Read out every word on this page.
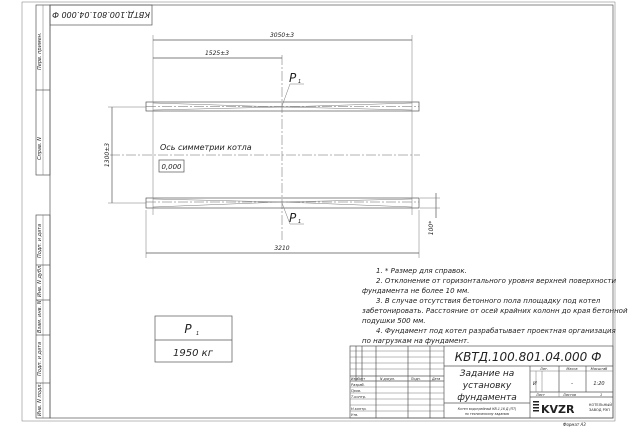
КВТД.100.801.04.000 Ф
Перв. примен.
Справ. N
Подп. и дата
Инв. N дубл.
Взам. инв. N
Подп. и дата
Инв. N подл.
3050±3
1525±3
1300±3
3210
100*
P 1
P 1
Ось симметрии котла
0,000
P 1
1950 кг	КВТД.100.801.04.000 Ф
Задание на
установку
фундамента
Изм Лист	N докум.	Подп.	Дата
Разраб.
Пров.
Т.контр.
Н.контр.
Утв.
Лит.	Масса	Масштаб
И	-	1:20
Лист	Листов	1
Котел водогрейный КВ-1,16 Д (ПТ)
по техническому заданию	KVZR	КОТЕЛЬНЫЙ
ЗАВОД РЭП
Формат А3
1. * Размер для справок.
2. Отклонение от горизонтального уровня верхней поверхности
фундамента не более 10 мм.
3. В случае отсутствия бетонного пола площадку под котел
забетонировать. Расстояние от осей крайних колонн до края бетонной
подушки 500 мм.
4. Фундамент под котел разрабатывает проектная организация
по нагрузкам на фундамент.
